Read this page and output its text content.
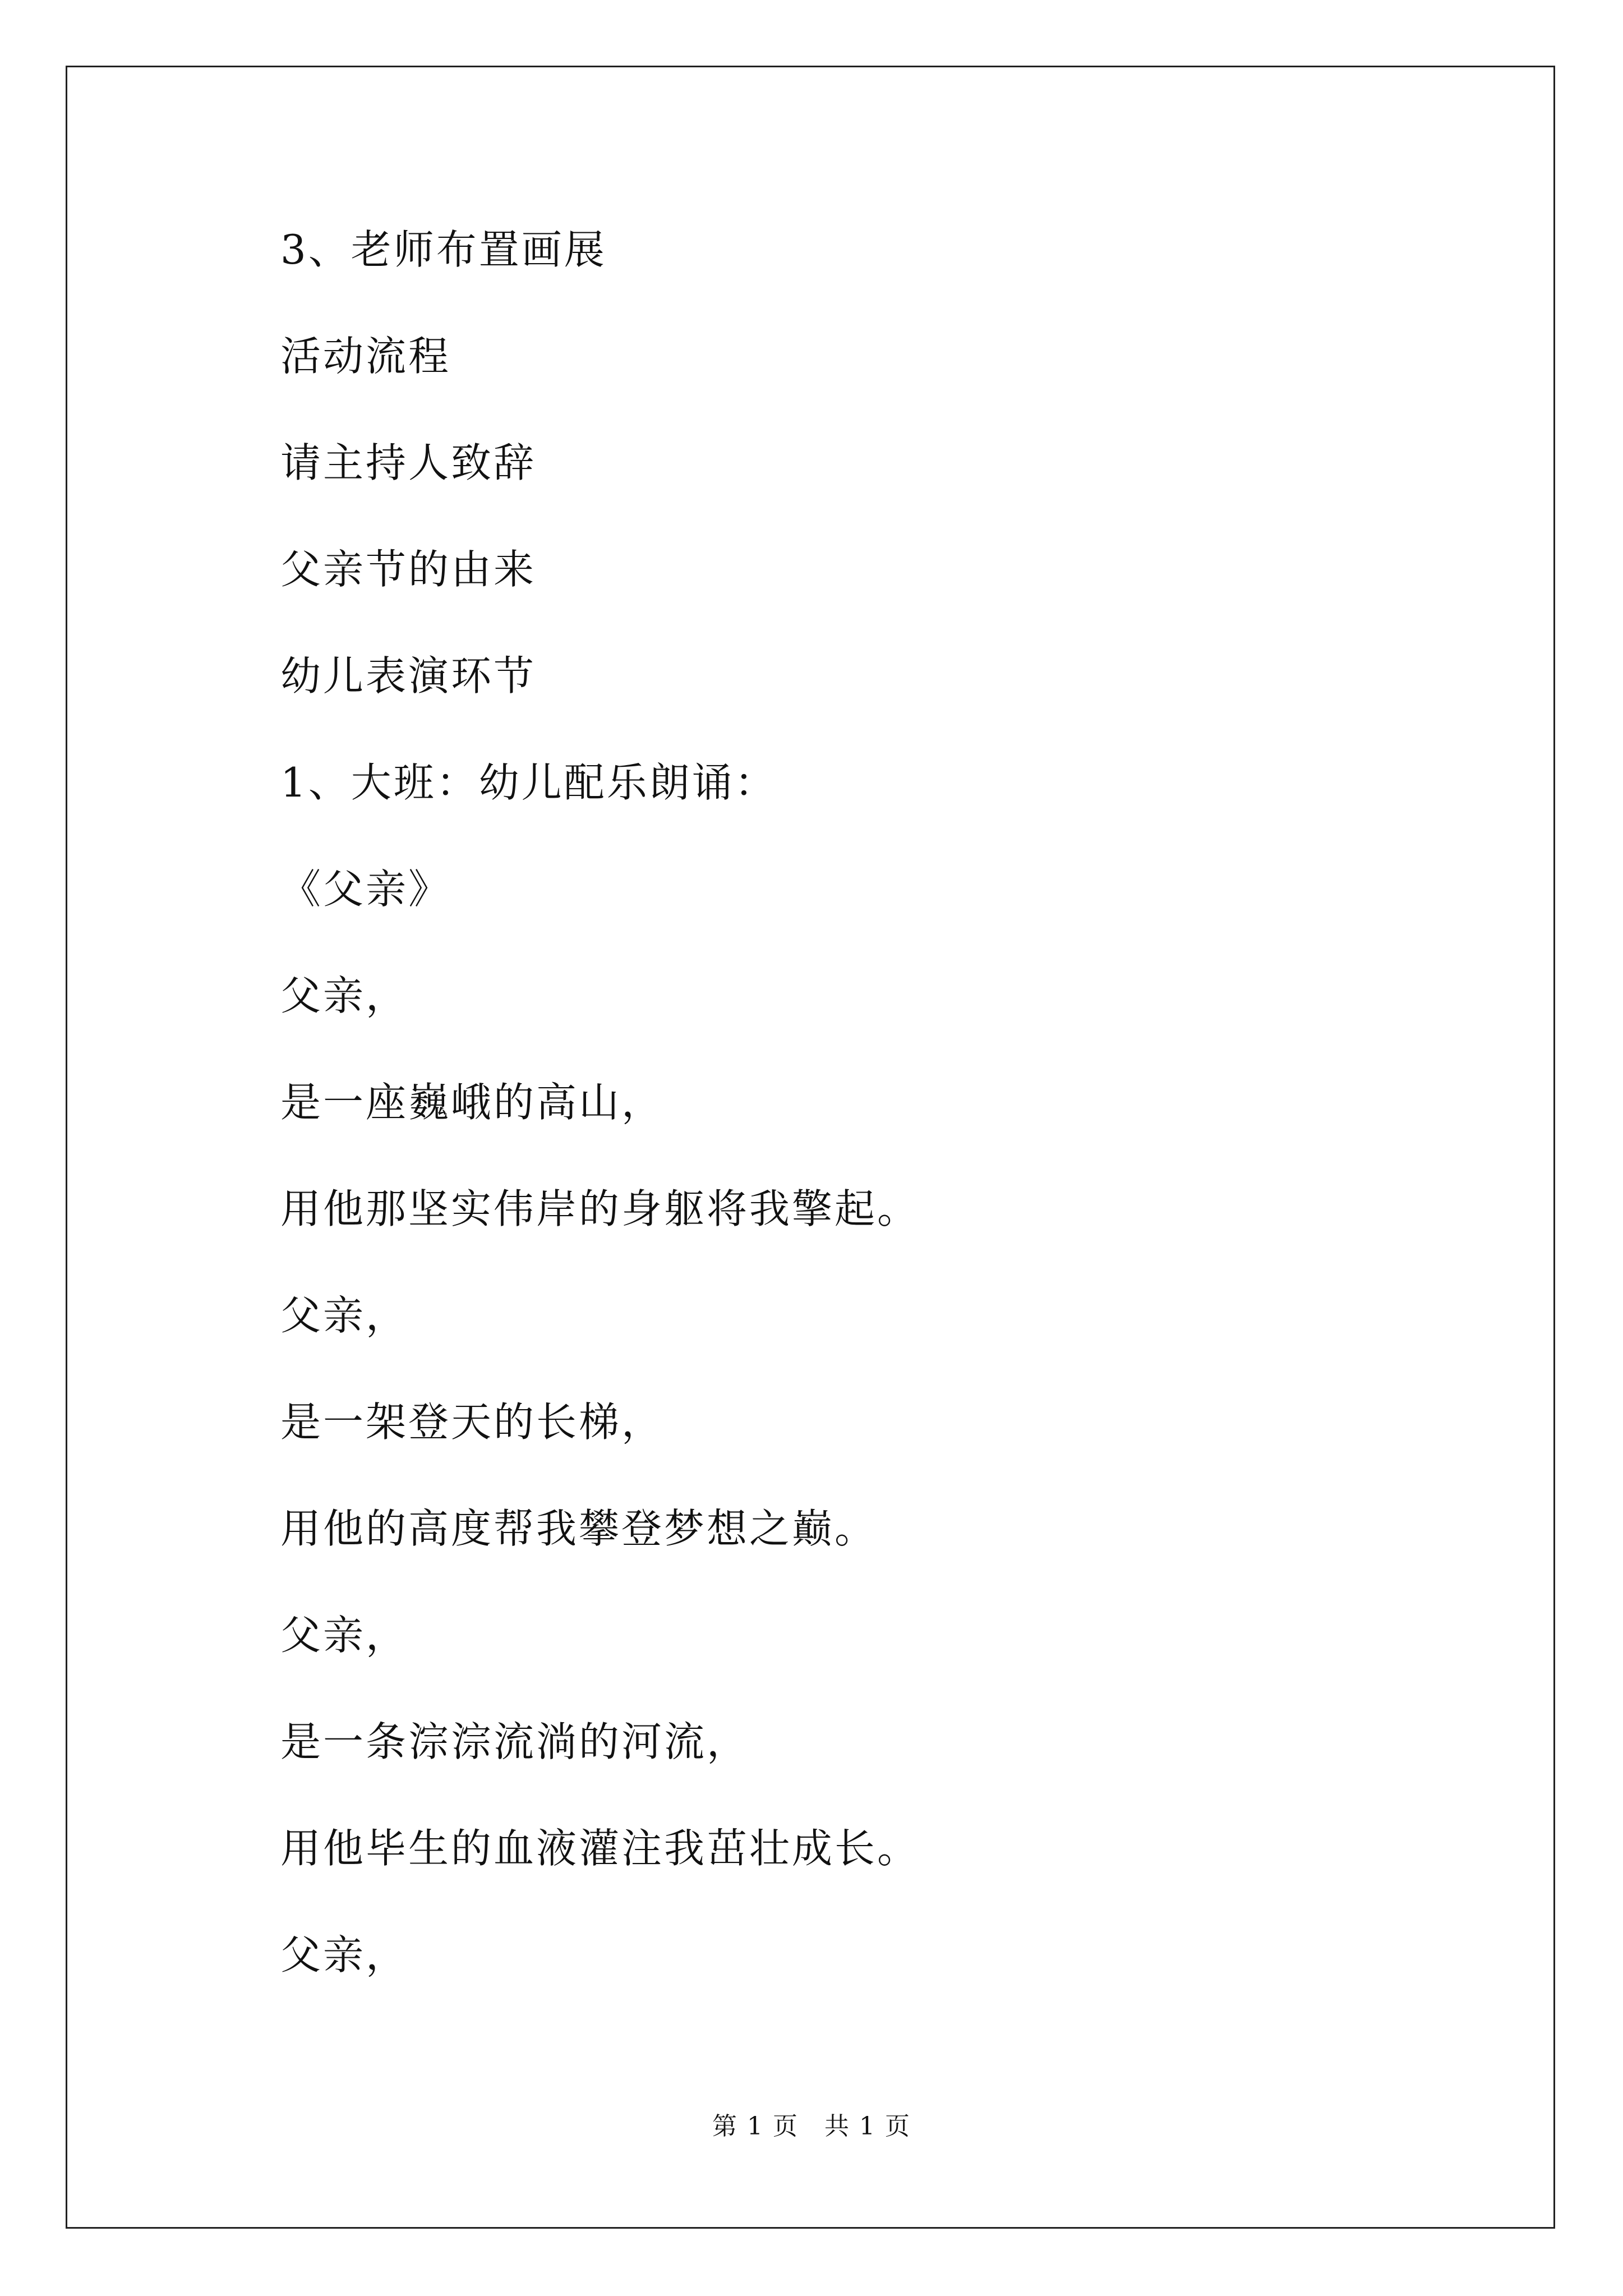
3、老师布置画展
活动流程
请主持人致辞
父亲节的由来
幼儿表演环节
1、大班：幼儿配乐朗诵：
《父亲》
父亲，
是一座巍峨的高山，
用他那坚实伟岸的身躯将我擎起。
父亲，
是一架登天的长梯，
用他的高度帮我攀登梦想之巅。
父亲，
是一条淙淙流淌的河流，
用他毕生的血液灌注我茁壮成长。
父亲，
第 1 页　共 1 页
